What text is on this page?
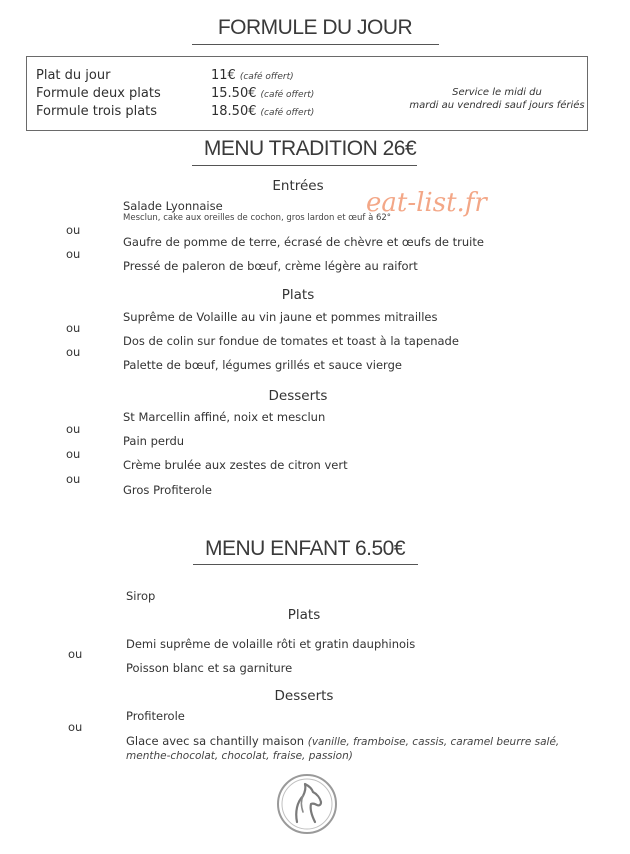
FORMULE DU JOUR
Plat du jour
Formule deux plats
Formule trois plats
11€ (café offert)
15.50€ (café offert)
18.50€ (café offert)
Service le midi du
mardi au vendredi sauf jours fériés
MENU TRADITION 26€
eat-list.fr
Entrées
Salade Lyonnaise
Mesclun, cake aux oreilles de cochon, gros lardon et œuf à 62°
ou
Gaufre de pomme de terre, écrasé de chèvre et œufs de truite
ou
Pressé de paleron de bœuf, crème légère au raifort
Plats
Suprême de Volaille au vin jaune et pommes mitrailles
ou
Dos de colin sur fondue de tomates et toast à la tapenade
ou
Palette de bœuf, légumes grillés et sauce vierge
Desserts
St Marcellin affiné, noix et mesclun
ou
Pain perdu
ou
Crème brulée aux zestes de citron vert
ou
Gros Profiterole
MENU ENFANT 6.50€
Sirop
Plats
Demi suprême de volaille rôti et gratin dauphinois
ou
Poisson blanc et sa garniture
Desserts
Profiterole
ou
Glace avec sa chantilly maison (vanille, framboise, cassis, caramel beurre salé,
menthe-chocolat, chocolat, fraise, passion)
